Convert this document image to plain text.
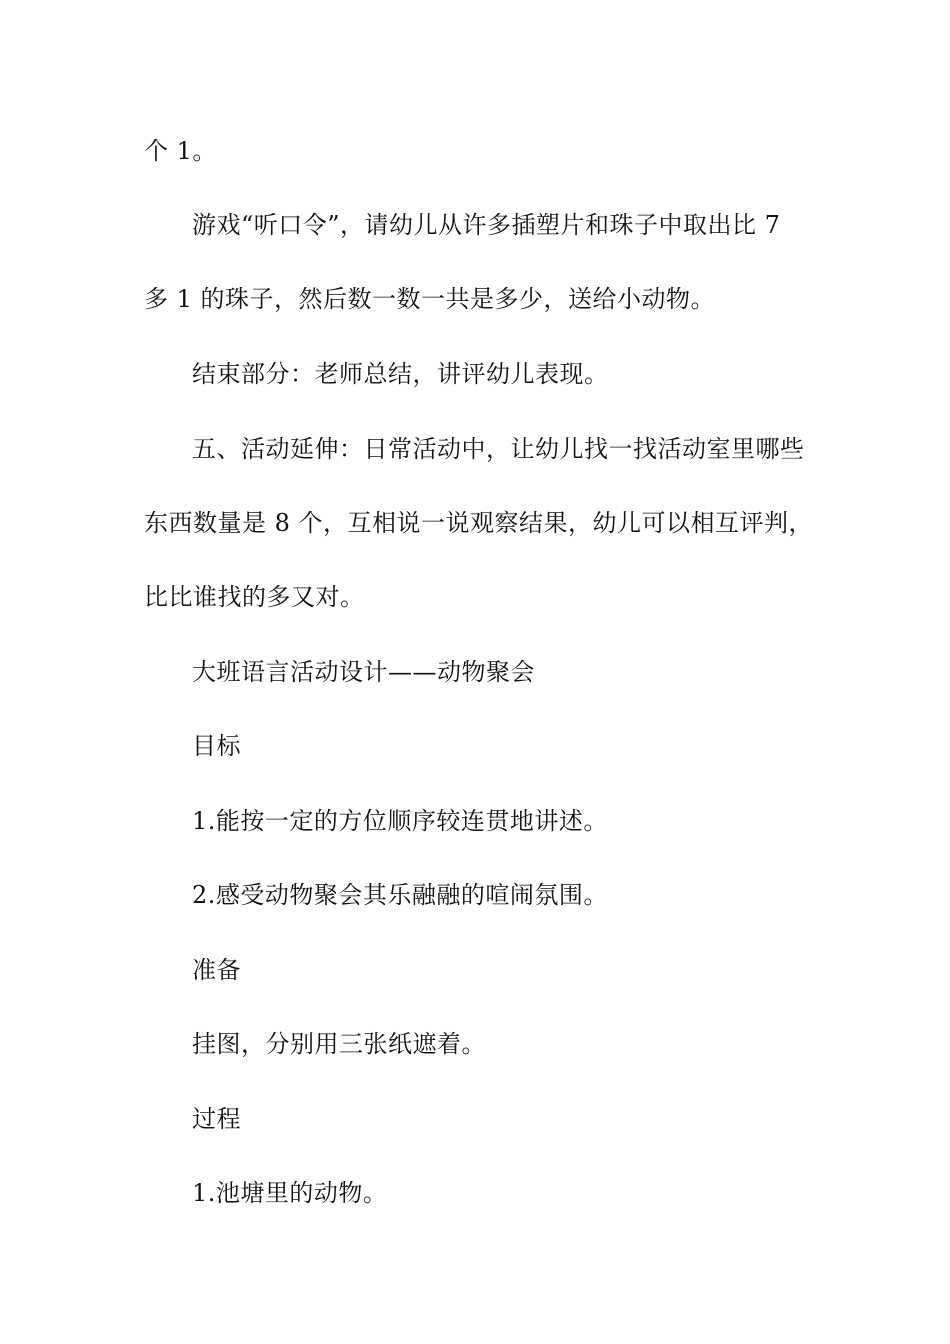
个 1。
游戏“听口令”，请幼儿从许多插塑片和珠子中取出比 7
多 1 的珠子，然后数一数一共是多少，送给小动物。
结束部分：老师总结，讲评幼儿表现。
五、活动延伸：日常活动中，让幼儿找一找活动室里哪些
东西数量是 8 个，互相说一说观察结果，幼儿可以相互评判，
比比谁找的多又对。
大班语言活动设计——动物聚会
目标
1.能按一定的方位顺序较连贯地讲述。
2.感受动物聚会其乐融融的喧闹氛围。
准备
挂图，分别用三张纸遮着。
过程
1.池塘里的动物。
